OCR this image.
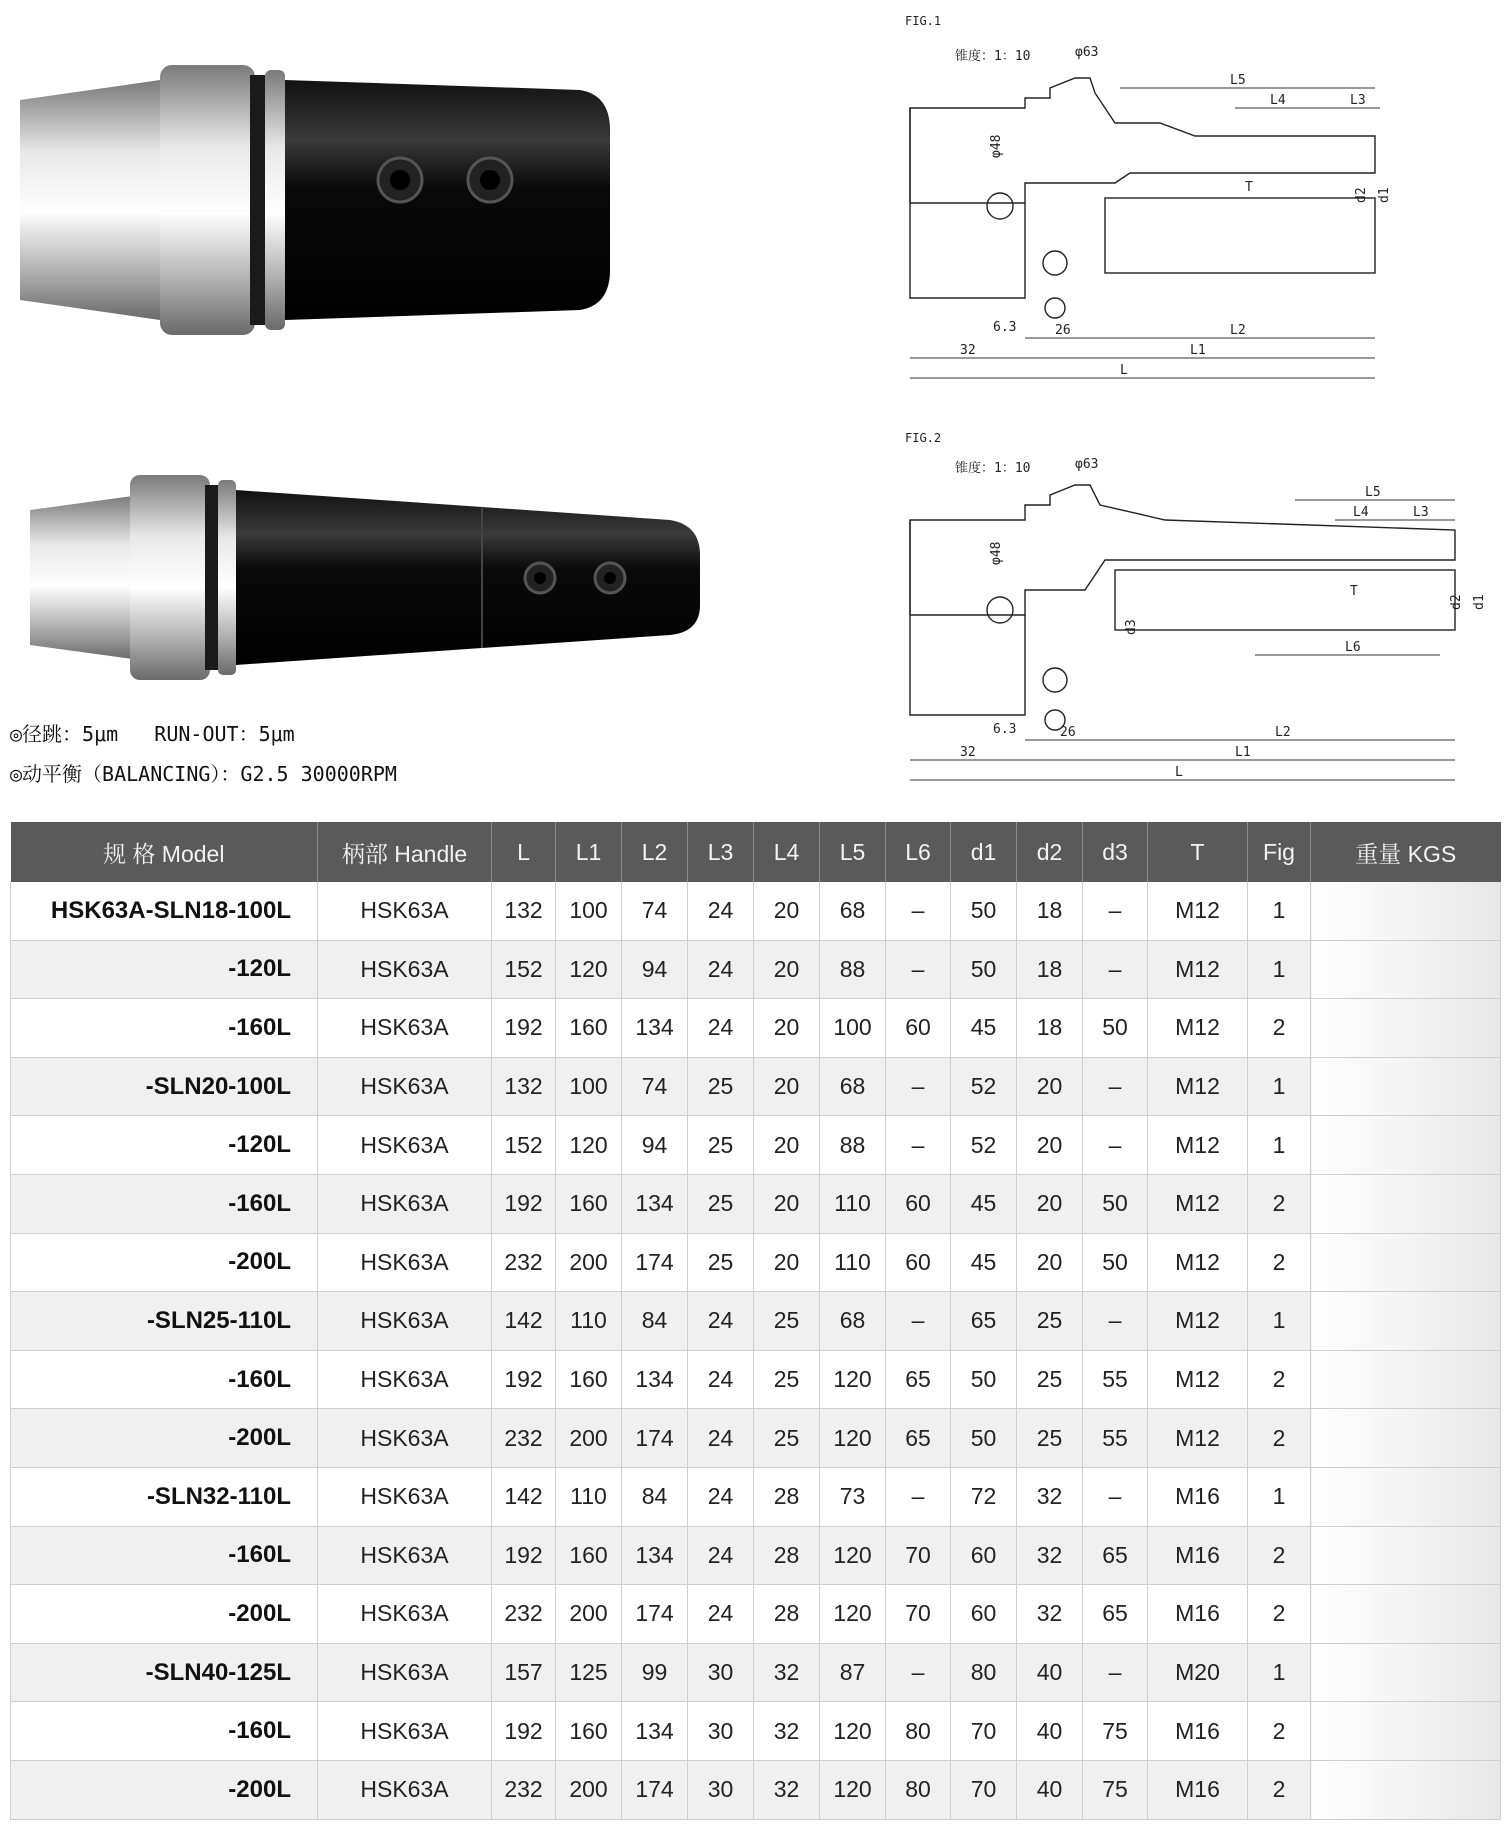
◎径跳：5μm   RUN-OUT：5μm
◎动平衡（BALANCING）：G2.5 30000RPM
FIG.1
锥度：1：10	φ63
φ48
L5
L4	L3
T	d2 d1
6.3	26	L2
32	L1
L
FIG.2
锥度：1：10	φ63
φ48
d3
L5
L4	L3
T
d2 d1
L6
6.3	26	L2
32	L1
L
规 格 Model	柄部 Handle	L	L1	L2	L3	L4	L5	L6	d1	d2	d3	T	Fig	重量 KGS
HSK63A-SLN18-100L	HSK63A	132	100	74	24	20	68	–	50	18	–	M12	1	
-120L	HSK63A	152	120	94	24	20	88	–	50	18	–	M12	1	
-160L	HSK63A	192	160	134	24	20	100	60	45	18	50	M12	2	
-SLN20-100L	HSK63A	132	100	74	25	20	68	–	52	20	–	M12	1	
-120L	HSK63A	152	120	94	25	20	88	–	52	20	–	M12	1	
-160L	HSK63A	192	160	134	25	20	110	60	45	20	50	M12	2	
-200L	HSK63A	232	200	174	25	20	110	60	45	20	50	M12	2	
-SLN25-110L	HSK63A	142	110	84	24	25	68	–	65	25	–	M12	1	
-160L	HSK63A	192	160	134	24	25	120	65	50	25	55	M12	2	
-200L	HSK63A	232	200	174	24	25	120	65	50	25	55	M12	2	
-SLN32-110L	HSK63A	142	110	84	24	28	73	–	72	32	–	M16	1	
-160L	HSK63A	192	160	134	24	28	120	70	60	32	65	M16	2	
-200L	HSK63A	232	200	174	24	28	120	70	60	32	65	M16	2	
-SLN40-125L	HSK63A	157	125	99	30	32	87	–	80	40	–	M20	1	
-160L	HSK63A	192	160	134	30	32	120	80	70	40	75	M16	2	
-200L	HSK63A	232	200	174	30	32	120	80	70	40	75	M16	2	
